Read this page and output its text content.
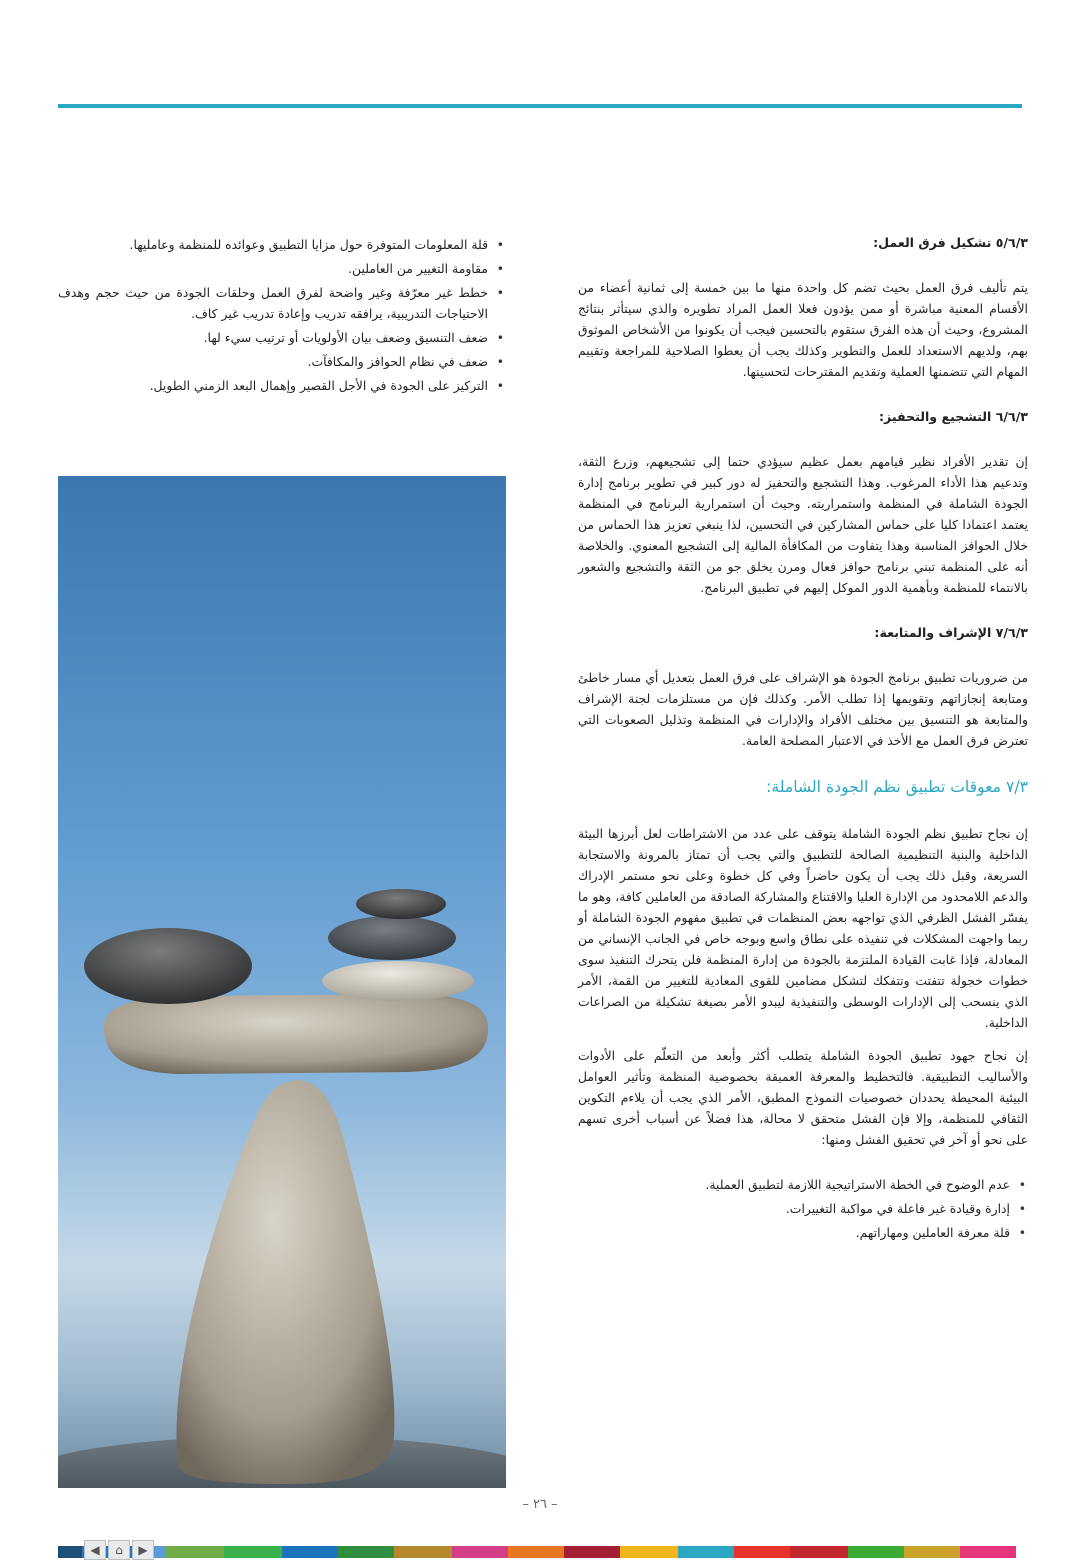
٥/٦/٣ تشكيل فرق العمل:

يتم تأليف فرق العمل بحيث تضم كل واحدة منها ما بين خمسة إلى ثمانية أعضاء من الأقسام المعنية مباشرة أو ممن يؤدون فعلا العمل المراد تطويره والذي سيتأثر بنتائج المشروع، وحيث أن هذه الفرق ستقوم بالتحسين فيجب أن يكونوا من الأشخاص الموثوق بهم، ولديهم الاستعداد للعمل والتطوير وكذلك يجب أن يعطوا الصلاحية للمراجعة وتقييم المهام التي تتضمنها العملية وتقديم المقترحات لتحسينها.

٦/٦/٣ التشجيع والتحفيز:

إن تقدير الأفراد نظير قيامهم بعمل عظيم سيؤدي حتما إلى تشجيعهم، وزرع الثقة، وتدعيم هذا الأداء المرغوب. وهذا التشجيع والتحفيز له دور كبير في تطوير برنامج إدارة الجودة الشاملة في المنظمة واستمراريته. وحيث أن استمرارية البرنامج في المنظمة يعتمد اعتمادا كليا على حماس المشاركين في التحسين، لذا ينبغي تعزيز هذا الحماس من خلال الحوافز المناسبة وهذا يتفاوت من المكافأة المالية إلى التشجيع المعنوي. والخلاصة أنه على المنظمة تبني برنامج حوافز فعال ومرن يخلق جو من الثقة والتشجيع والشعور بالانتماء للمنظمة وبأهمية الدور الموكل إليهم في تطبيق البرنامج.

٧/٦/٣ الإشراف والمتابعة:

من ضروريات تطبيق برنامج الجودة هو الإشراف على فرق العمل بتعديل أي مسار خاطئ ومتابعة إنجازاتهم وتقويمها إذا تطلب الأمر. وكذلك فإن من مستلزمات لجنة الإشراف والمتابعة هو التنسيق بين مختلف الأفراد والإدارات في المنظمة وتذليل الصعوبات التي تعترض فرق العمل مع الأخذ في الاعتبار المصلحة العامة.

٧/٣ معوقات تطبيق نظم الجودة الشاملة:

إن نجاح تطبيق نظم الجودة الشاملة يتوقف على عدد من الاشتراطات لعل أبرزها البيئة الداخلية والبنية التنظيمية الصالحة للتطبيق والتي يجب أن تمتاز بالمرونة والاستجابة السريعة، وقبل ذلك يجب أن يكون حاضراً وفي كل خطوة وعلى نحو مستمر الإدراك والدعم اللامحدود من الإدارة العليا والاقتناع والمشاركة الصادقة من العاملين كافة، وهو ما يفسّر الفشل الظرفي الذي تواجهه بعض المنظمات في تطبيق مفهوم الجودة الشاملة أو ربما واجهت المشكلات في تنفيذه على نطاق واسع وبوجه خاص في الجانب الإنساني من المعادلة، فإذا غابت القيادة الملتزمة بالجودة من إدارة المنظمة فلن يتحرك التنفيذ سوى خطوات خجولة تتفتت وتتفكك لتشكل مضامين للقوى المعادية للتغيير من القمة، الأمر الذي ينسحب إلى الإدارات الوسطى والتنفيذية ليبدو الأمر بصيغة تشكيلة من الصراعات الداخلية.

إن نجاح جهود تطبيق الجودة الشاملة يتطلب أكثر وأبعد من التعلّم على الأدوات والأساليب التطبيقية. فالتخطيط والمعرفة العميقة بخصوصية المنظمة وتأثير العوامل البيئية المحيطة يحددان خصوصيات النموذج المطبق، الأمر الذي يجب أن يلاءم التكوين الثقافي للمنظمة، وإلا فإن الفشل متحقق لا محالة، هذا فضلاً عن أسباب أخرى تسهم على نحو أو آخر في تحقيق الفشل ومنها:

• عدم الوضوح في الخطة الاستراتيجية اللازمة لتطبيق العملية.
• إدارة وقيادة غير فاعلة في مواكبة التغييرات.
• قلة معرفة العاملين ومهاراتهم.
• قلة المعلومات المتوفرة حول مزايا التطبيق وعوائده للمنظمة وعامليها.
• مقاومة التغيير من العاملين.
• خطط غير معرّفة وغير واضحة لفرق العمل وحلقات الجودة من حيث حجم وهدف الاحتياجات التدريبية، يرافقه تدريب وإعادة تدريب غير كاف.
• ضعف التنسيق وضعف بيان الأولويات أو ترتيب سيء لها.
• ضعف في نظام الحوافز والمكافآت.
• التركيز على الجودة في الأجل القصير وإهمال البعد الزمني الطويل.
– ٢٦ –
◀ ⌂ ▶
